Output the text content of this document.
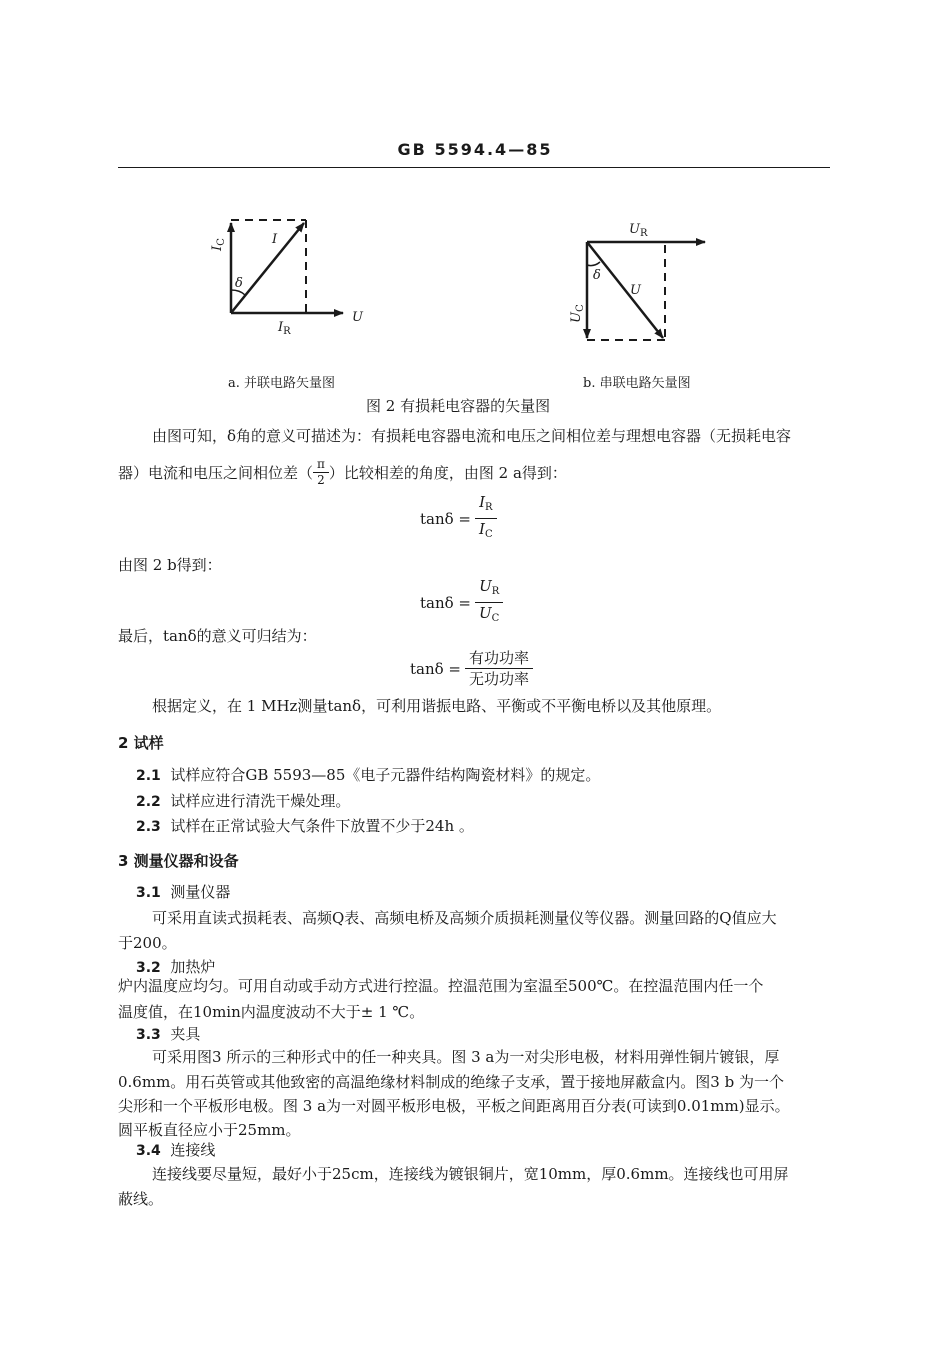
GB 5594.4—85
$I_C$	I
δ
$I_R$
U
a. 并联电路矢量图
$U_R$
δ
U
$U_C$
b. 串联电路矢量图
图 2 有损耗电容器的矢量图
由图可知，δ角的意义可描述为：有损耗电容器电流和电压之间相位差与理想电容器（无损耗电容
器）电流和电压之间相位差（ $\frac{\pi}{2}$ ）比较相差的角度，由图 2 a得到：
$\tan\delta = \frac{I_R}{I_C}$
由图 2 b得到：
$\tan\delta = \frac{U_R}{U_C}$
最后，tanδ的意义可归结为：
$\tan\delta = \frac{\text{有功功率}}{\text{无功功率}}$
根据定义，在 1 MHz测量tanδ，可利用谐振电路、平衡或不平衡电桥以及其他原理。
2 试样
2.1 试样应符合GB 5593—85《电子元器件结构陶瓷材料》的规定。
2.2 试样应进行清洗干燥处理。
2.3 试样在正常试验大气条件下放置不少于24h 。
3 测量仪器和设备
3.1 测量仪器
可采用直读式损耗表、高频Q表、高频电桥及高频介质损耗测量仪等仪器。测量回路的Q值应大
于200。
3.2 加热炉
炉内温度应均匀。可用自动或手动方式进行控温。控温范围为室温至500℃。在控温范围内任一个
温度值，在10min内温度波动不大于± 1 ℃。
3.3 夹具
可采用图3 所示的三种形式中的任一种夹具。图 3 a为一对尖形电极，材料用弹性铜片镀银，厚
0.6mm。用石英管或其他致密的高温绝缘材料制成的绝缘子支承，置于接地屏蔽盒内。图3 b 为一个
尖形和一个平板形电极。图 3 a为一对圆平板形电极，平板之间距离用百分表(可读到0.01mm)显示。
圆平板直径应小于25mm。
3.4 连接线
连接线要尽量短，最好小于25cm，连接线为镀银铜片，宽10mm，厚0.6mm。连接线也可用屏
蔽线。
